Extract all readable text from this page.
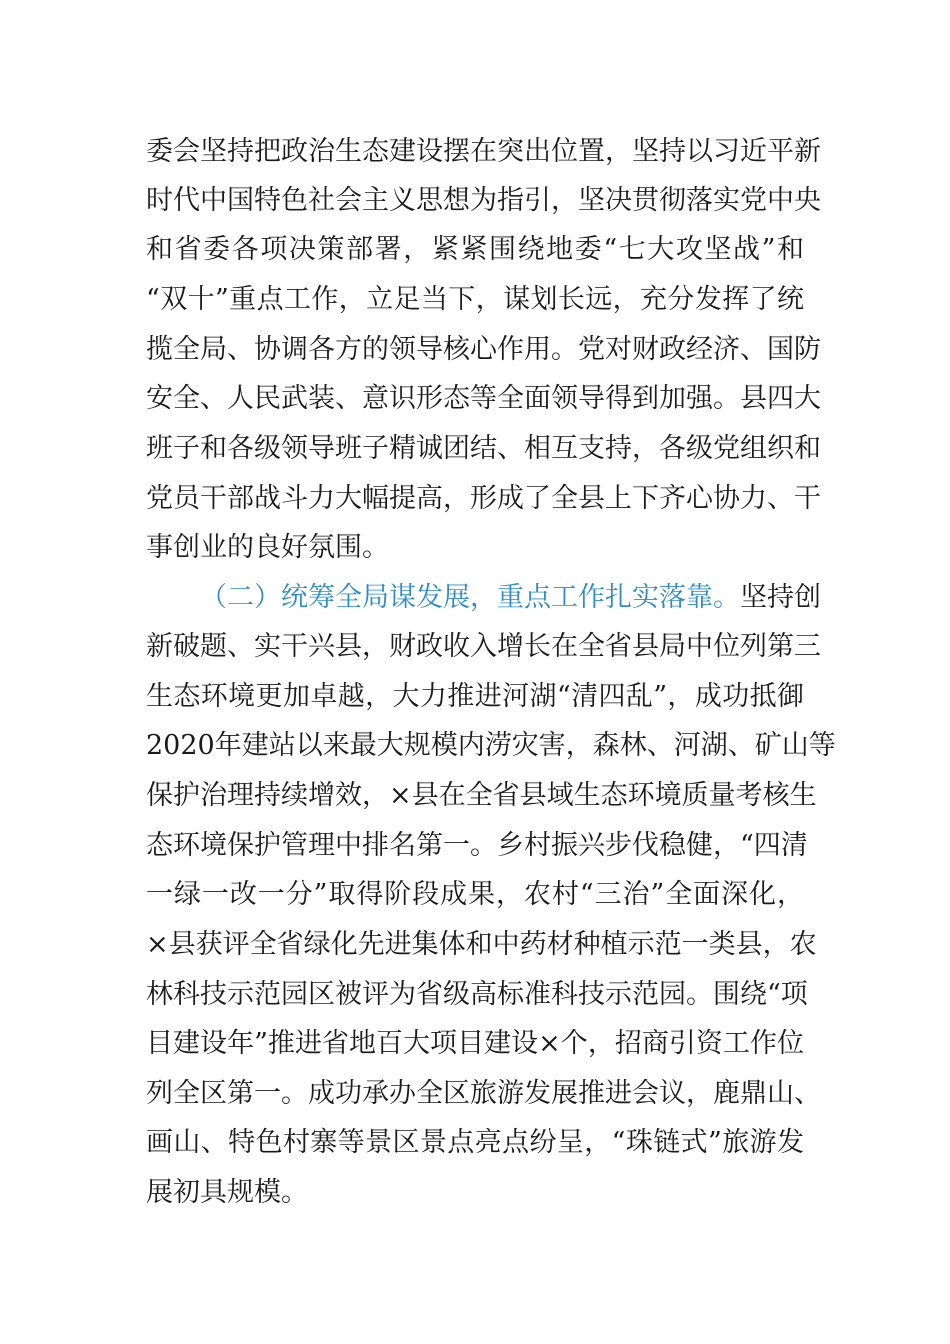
委会坚持把政治生态建设摆在突出位置，坚持以习近平新
时代中国特色社会主义思想为指引，坚决贯彻落实党中央
和省委各项决策部署，紧紧围绕地委“七大攻坚战”和
“双十”重点工作，立足当下，谋划长远，充分发挥了统
揽全局、协调各方的领导核心作用。党对财政经济、国防
安全、人民武装、意识形态等全面领导得到加强。县四大
班子和各级领导班子精诚团结、相互支持，各级党组织和
党员干部战斗力大幅提高，形成了全县上下齐心协力、干
事创业的良好氛围。
（二）统筹全局谋发展，重点工作扎实落靠。坚持创
新破题、实干兴县，财政收入增长在全省县局中位列第三
生态环境更加卓越，大力推进河湖“清四乱”，成功抵御
2020年建站以来最大规模内涝灾害，森林、河湖、矿山等
保护治理持续增效，×县在全省县域生态环境质量考核生
态环境保护管理中排名第一。乡村振兴步伐稳健，“四清
一绿一改一分”取得阶段成果，农村“三治”全面深化，
×县获评全省绿化先进集体和中药材种植示范一类县，农
林科技示范园区被评为省级高标准科技示范园。围绕“项
目建设年”推进省地百大项目建设×个，招商引资工作位
列全区第一。成功承办全区旅游发展推进会议，鹿鼎山、
画山、特色村寨等景区景点亮点纷呈，“珠链式”旅游发
展初具规模。
